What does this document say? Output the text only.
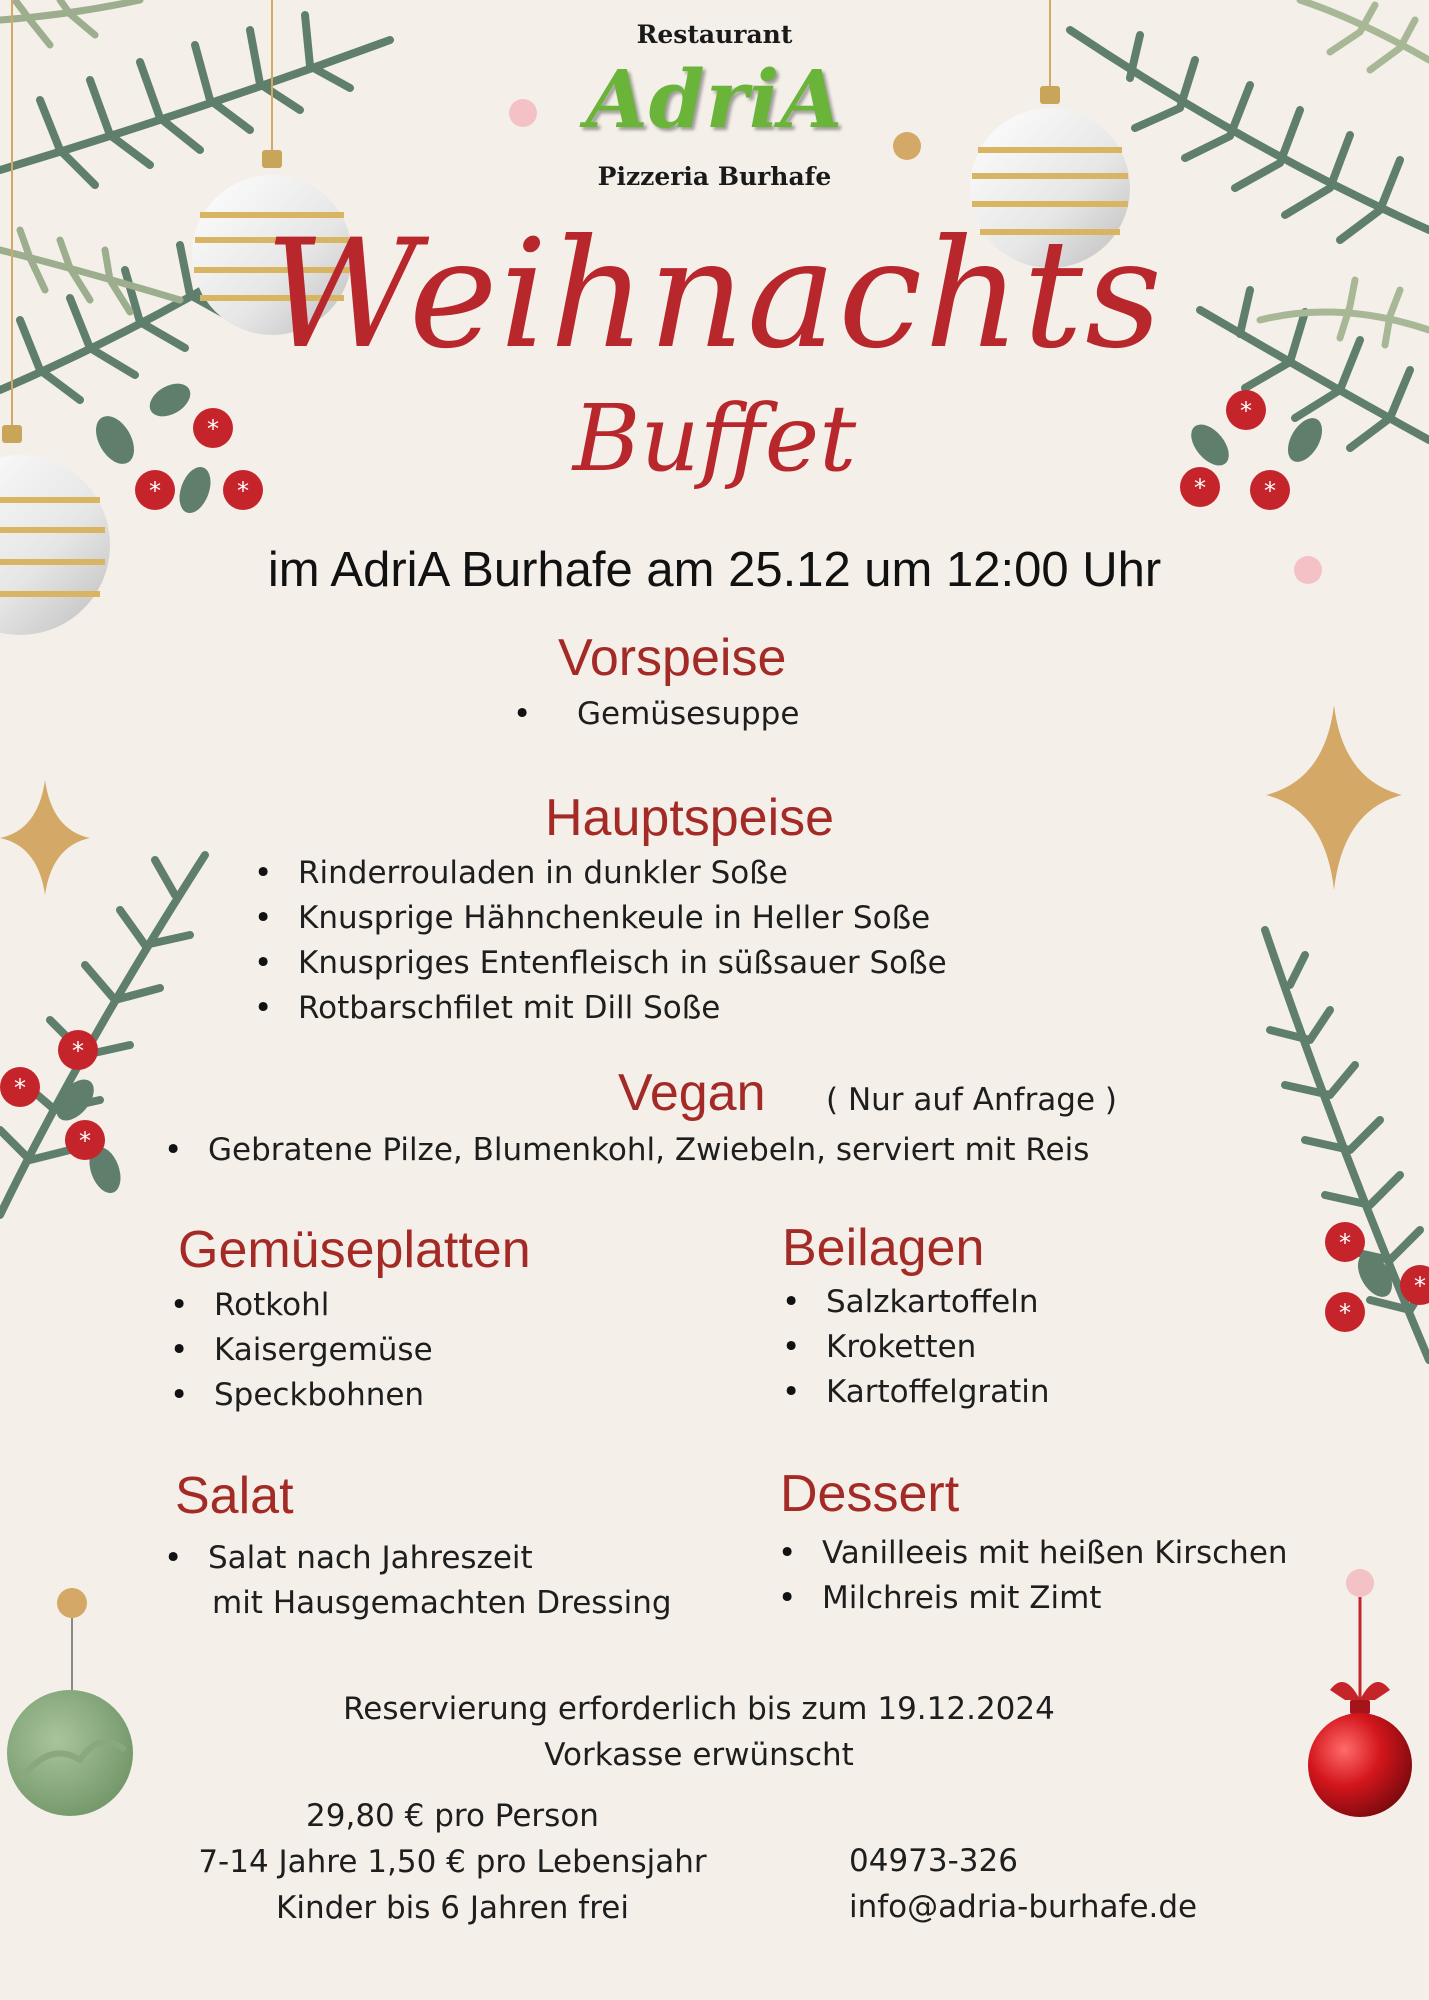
*
*	*
*
* *
*
*
*
*
*
*
Restaurant
AdriA
Pizzeria Burhafe
Weihnachts
Buffet
im AdriA Burhafe am 25.12 um 12:00 Uhr
Vorspeise
• Gemüsesuppe
Hauptspeise
• Rinderrouladen in dunkler Soße
• Knusprige Hähnchenkeule in Heller Soße
• Knuspriges Entenfleisch in süßsauer Soße
• Rotbarschfilet mit Dill Soße
Vegan ( Nur auf Anfrage )
• Gebratene Pilze, Blumenkohl, Zwiebeln, serviert mit Reis
Gemüseplatten
• Rotkohl
• Kaisergemüse
• Speckbohnen
Beilagen
• Salzkartoffeln
• Kroketten
• Kartoffelgratin
Salat
• Salat nach Jahreszeit
mit Hausgemachten Dressing
Dessert
• Vanilleeis mit heißen Kirschen
• Milchreis mit Zimt
Reservierung erforderlich bis zum 19.12.2024
Vorkasse erwünscht
29,80 € pro Person
7-14 Jahre 1,50 € pro Lebensjahr
Kinder bis 6 Jahren frei
04973-326
info@adria-burhafe.de
